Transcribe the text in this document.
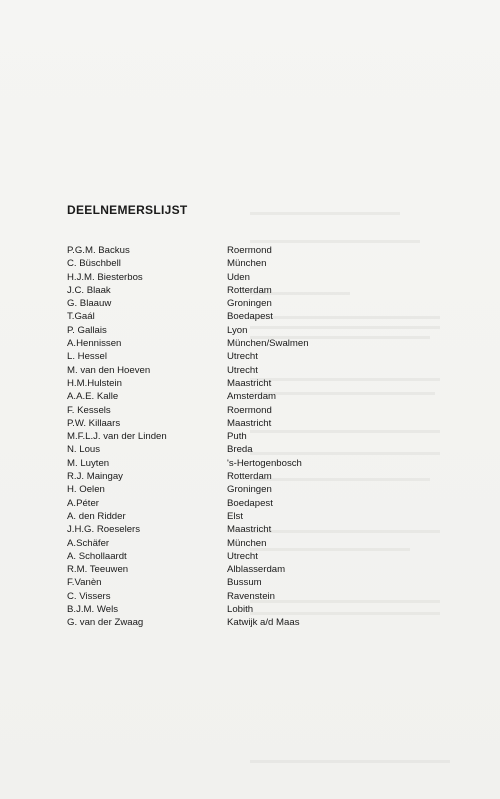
DEELNEMERSLIJST
P.G.M. Backus	Roermond
C. Büschbell	München
H.J.M. Biesterbos	Uden
J.C. Blaak	Rotterdam
G. Blaauw	Groningen
T.Gaál	Boedapest
P. Gallais	Lyon
A.Hennissen	München/Swalmen
L. Hessel	Utrecht
M. van den Hoeven	Utrecht
H.M.Hulstein	Maastricht
A.A.E. Kalle	Amsterdam
F. Kessels	Roermond
P.W. Killaars	Maastricht
M.F.L.J. van der Linden	Puth
N. Lous	Breda
M. Luyten	's-Hertogenbosch
R.J. Maingay	Rotterdam
H. Oelen	Groningen
A.Péter	Boedapest
A. den Ridder	Elst
J.H.G. Roeselers	Maastricht
A.Schäfer	München
A. Schollaardt	Utrecht
R.M. Teeuwen	Alblasserdam
F.Vanèn	Bussum
C. Vissers	Ravenstein
B.J.M. Wels	Lobith
G. van der Zwaag	Katwijk a/d Maas
